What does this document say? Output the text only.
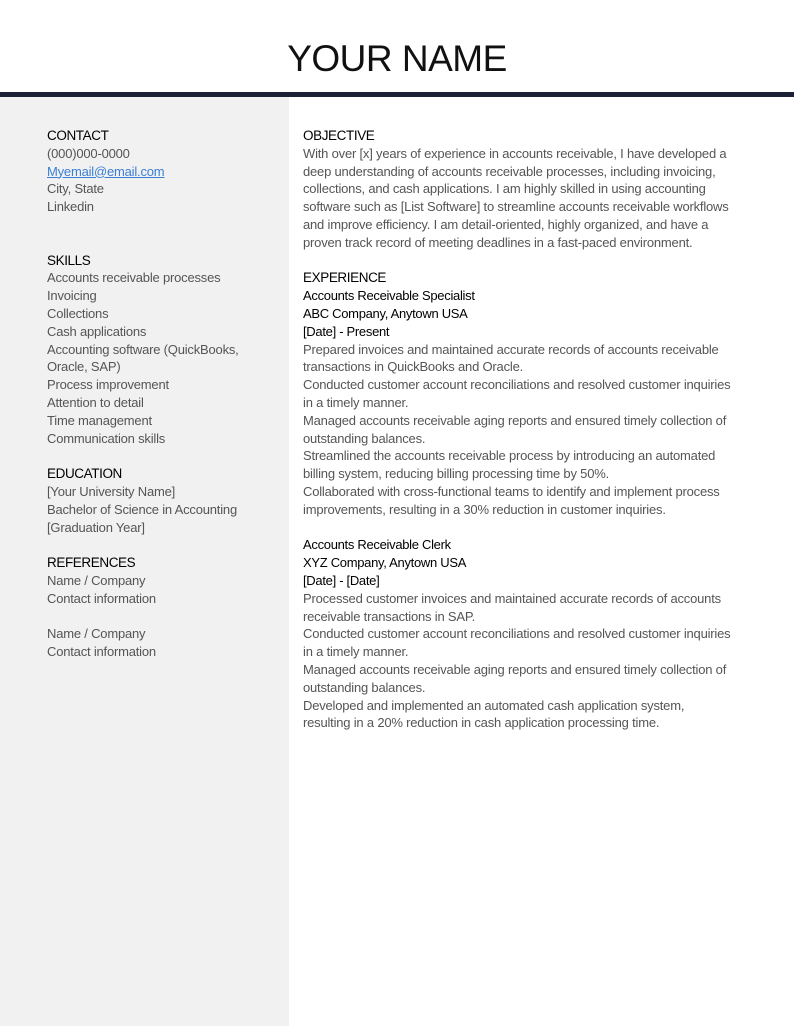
YOUR NAME
CONTACT
(000)000-0000
Myemail@email.com
City, State
Linkedin
SKILLS
Accounts receivable processes
Invoicing
Collections
Cash applications
Accounting software (QuickBooks,
Oracle, SAP)
Process improvement
Attention to detail
Time management
Communication skills
EDUCATION
[Your University Name]
Bachelor of Science in Accounting
[Graduation Year]
REFERENCES
Name / Company
Contact information
Name / Company
Contact information
OBJECTIVE
With over [x] years of experience in accounts receivable, I have developed a
deep understanding of accounts receivable processes, including invoicing,
collections, and cash applications. I am highly skilled in using accounting
software such as [List Software] to streamline accounts receivable workflows
and improve efficiency. I am detail-oriented, highly organized, and have a
proven track record of meeting deadlines in a fast-paced environment.
EXPERIENCE
Accounts Receivable Specialist
ABC Company, Anytown USA
[Date] - Present
Prepared invoices and maintained accurate records of accounts receivable
transactions in QuickBooks and Oracle.
Conducted customer account reconciliations and resolved customer inquiries
in a timely manner.
Managed accounts receivable aging reports and ensured timely collection of
outstanding balances.
Streamlined the accounts receivable process by introducing an automated
billing system, reducing billing processing time by 50%.
Collaborated with cross-functional teams to identify and implement process
improvements, resulting in a 30% reduction in customer inquiries.
Accounts Receivable Clerk
XYZ Company, Anytown USA
[Date] - [Date]
Processed customer invoices and maintained accurate records of accounts
receivable transactions in SAP.
Conducted customer account reconciliations and resolved customer inquiries
in a timely manner.
Managed accounts receivable aging reports and ensured timely collection of
outstanding balances.
Developed and implemented an automated cash application system,
resulting in a 20% reduction in cash application processing time.
